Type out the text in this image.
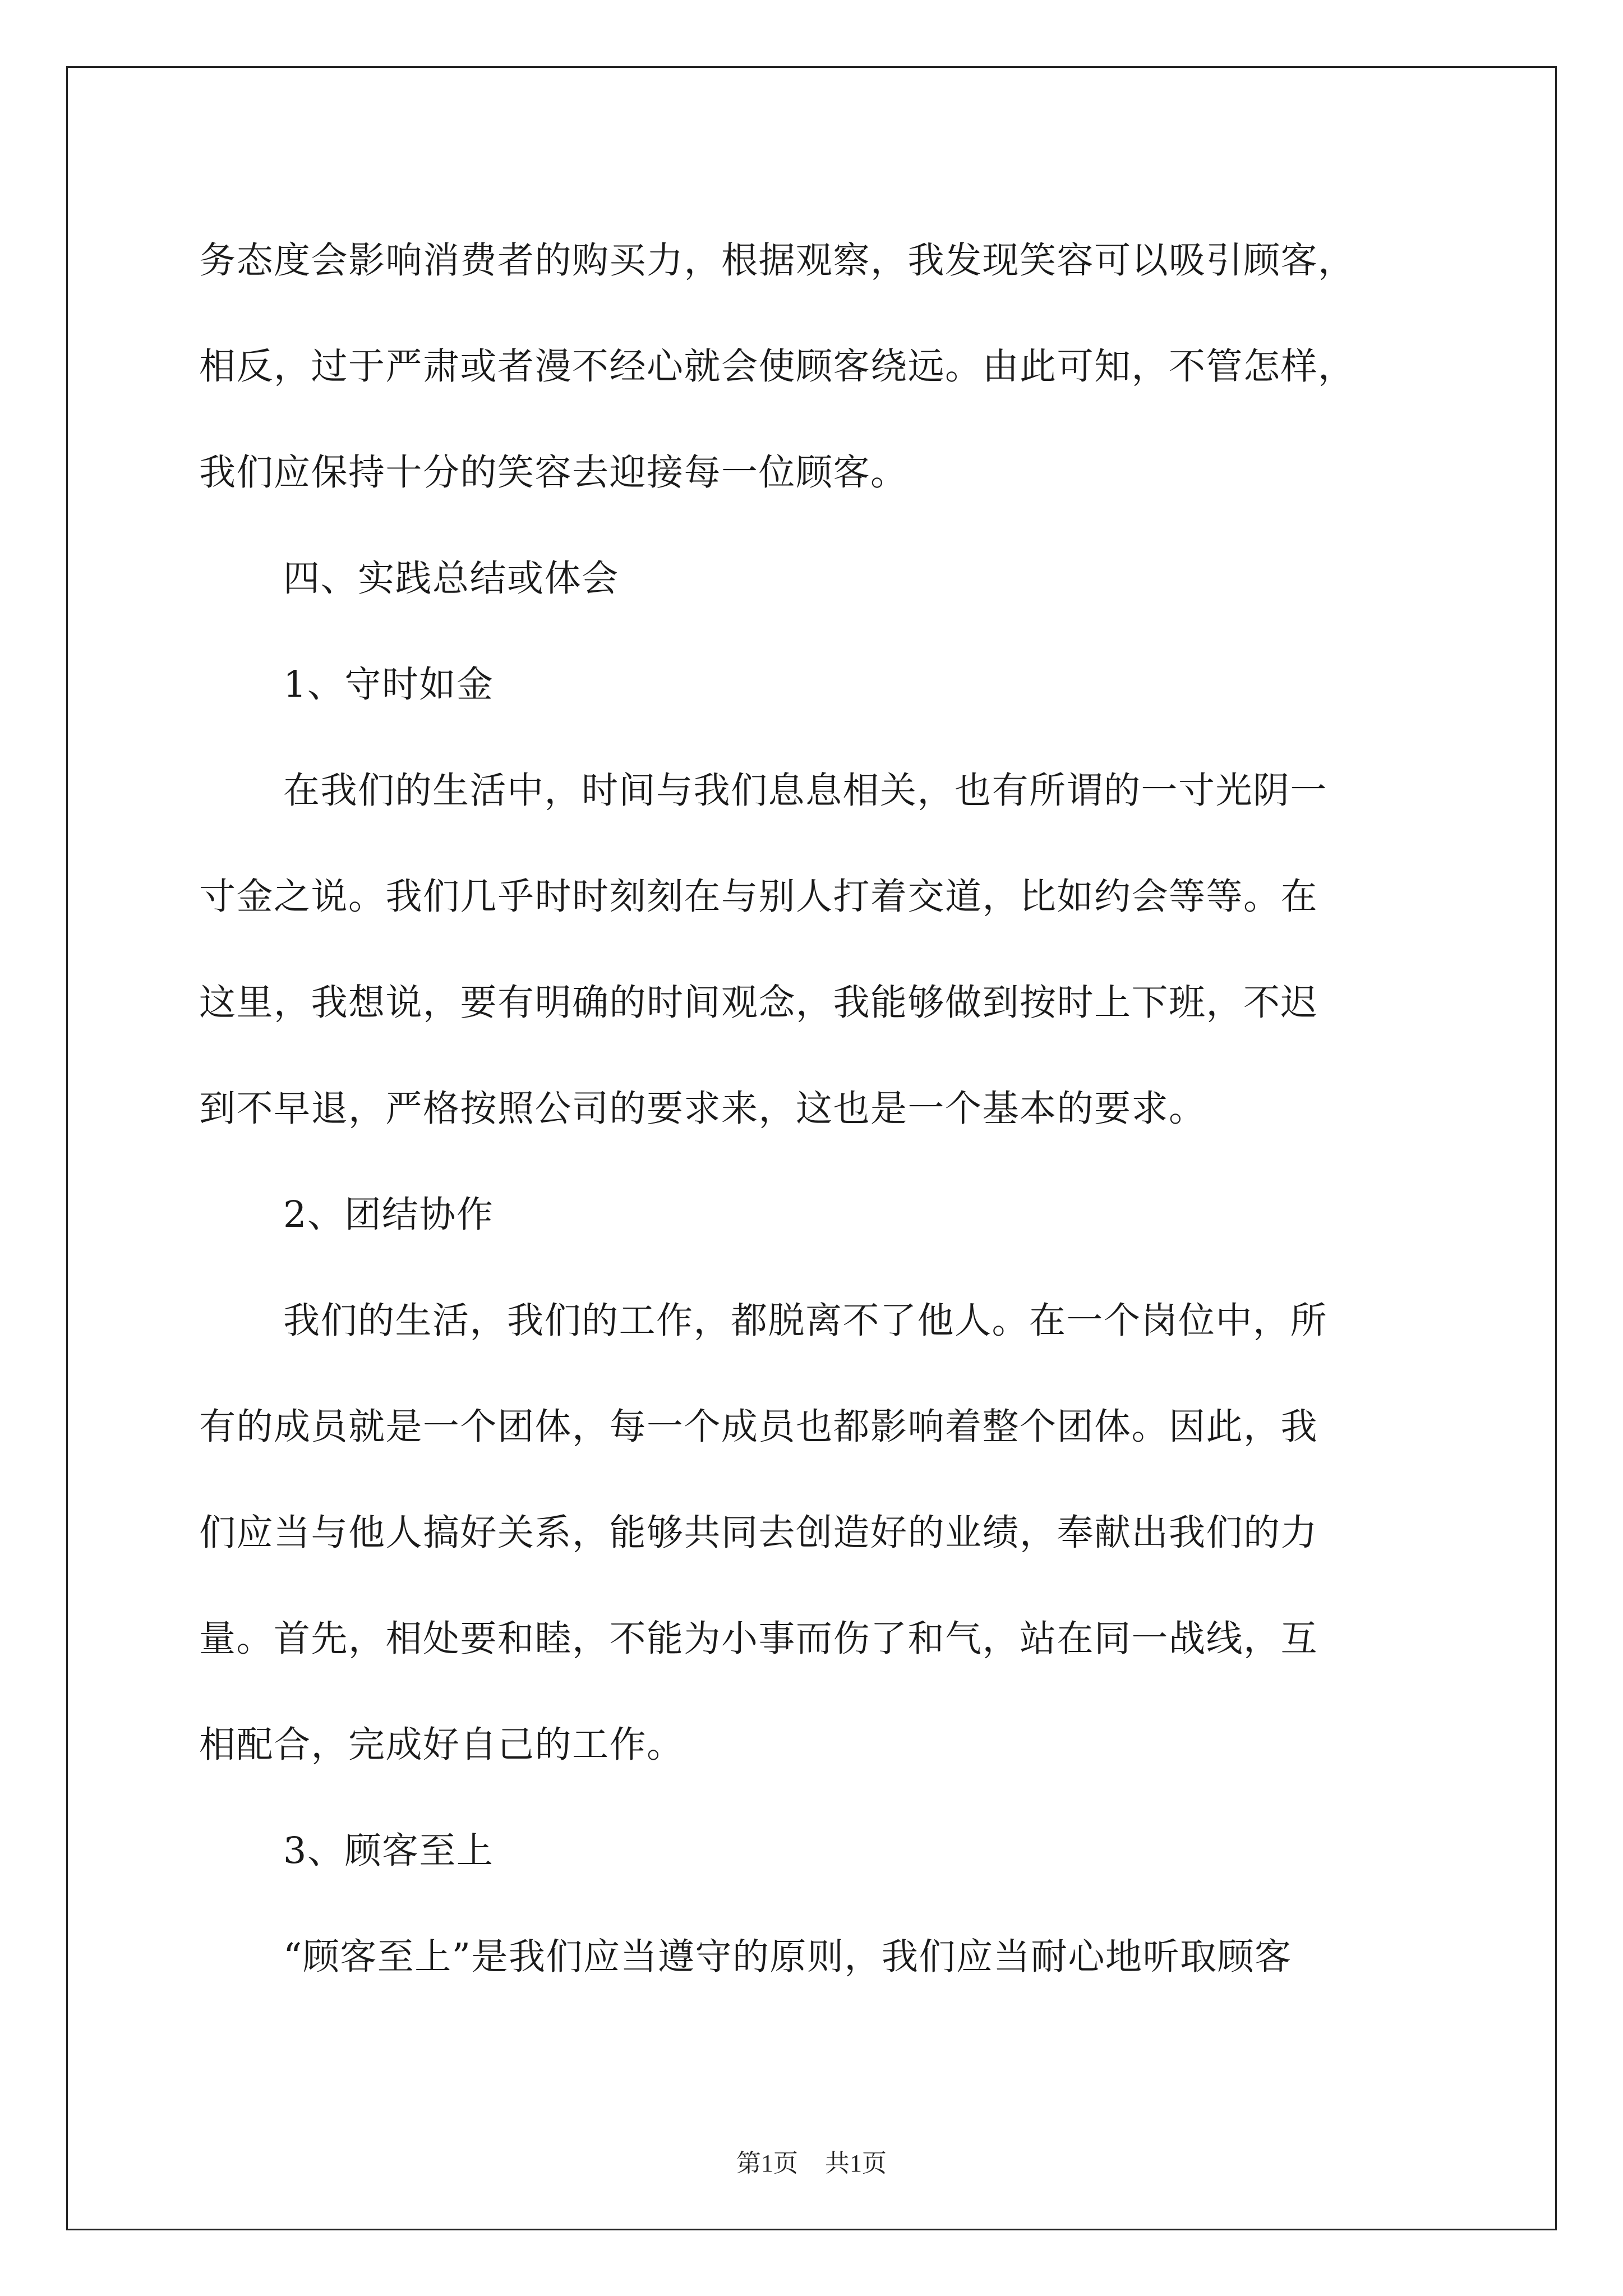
务态度会影响消费者的购买力，根据观察，我发现笑容可以吸引顾客，
相反，过于严肃或者漫不经心就会使顾客绕远。由此可知，不管怎样，
我们应保持十分的笑容去迎接每一位顾客。
四、实践总结或体会
1、守时如金
在我们的生活中，时间与我们息息相关，也有所谓的一寸光阴一
寸金之说。我们几乎时时刻刻在与别人打着交道，比如约会等等。在
这里，我想说，要有明确的时间观念，我能够做到按时上下班，不迟
到不早退，严格按照公司的要求来，这也是一个基本的要求。
2、团结协作
我们的生活，我们的工作，都脱离不了他人。在一个岗位中，所
有的成员就是一个团体，每一个成员也都影响着整个团体。因此，我
们应当与他人搞好关系，能够共同去创造好的业绩，奉献出我们的力
量。首先，相处要和睦，不能为小事而伤了和气，站在同一战线，互
相配合，完成好自己的工作。
3、顾客至上
“顾客至上”是我们应当遵守的原则，我们应当耐心地听取顾客
第1页 共1页
